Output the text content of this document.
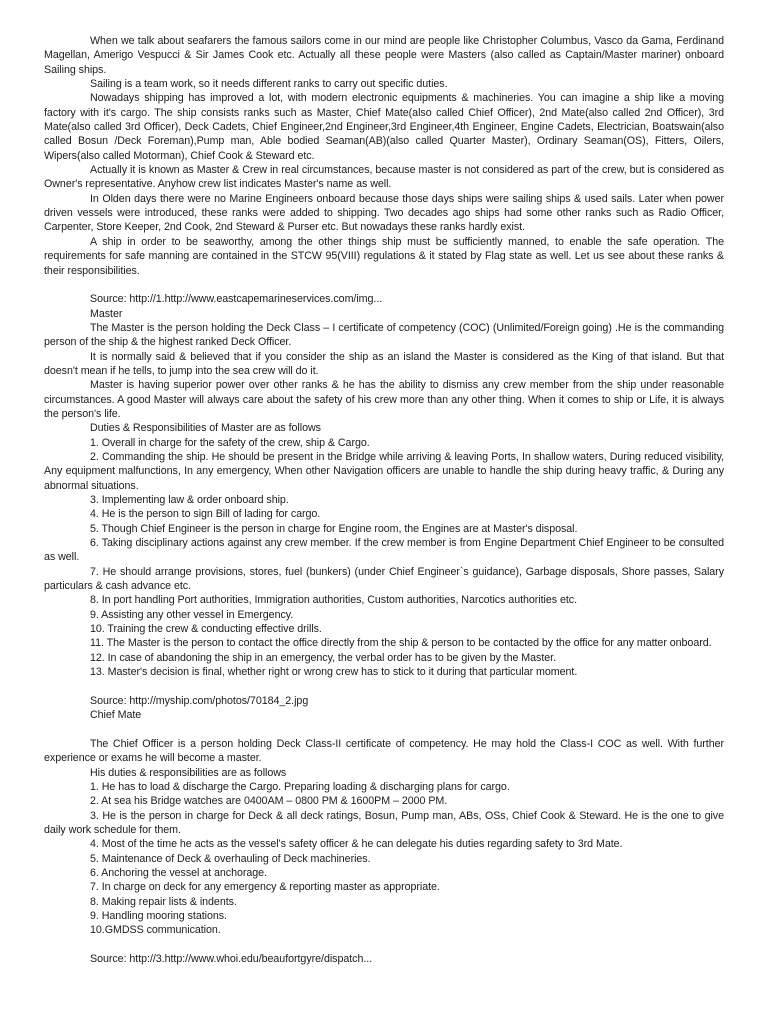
When we talk about seafarers the famous sailors come in our mind are people like Christopher Columbus, Vasco da Gama, Ferdinand Magellan, Amerigo Vespucci & Sir James Cook etc. Actually all these people were Masters (also called as Captain/Master mariner) onboard Sailing ships.

Sailing is a team work, so it needs different ranks to carry out specific duties.

Nowadays shipping has improved a lot, with modern electronic equipments & machineries. You can imagine a ship like a moving factory with it's cargo. The ship consists ranks such as Master, Chief Mate(also called Chief Officer), 2nd Mate(also called 2nd Officer), 3rd Mate(also called 3rd Officer), Deck Cadets, Chief Engineer,2nd Engineer,3rd Engineer,4th Engineer, Engine Cadets, Electrician, Boatswain(also called Bosun /Deck Foreman),Pump man, Able bodied Seaman(AB)(also called Quarter Master), Ordinary Seaman(OS), Fitters, Oilers, Wipers(also called Motorman), Chief Cook & Steward etc.

Actually it is known as Master & Crew in real circumstances, because master is not considered as part of the crew, but is considered as Owner's representative. Anyhow crew list indicates Master's name as well.

In Olden days there were no Marine Engineers onboard because those days ships were sailing ships & used sails. Later when power driven vessels were introduced, these ranks were added to shipping. Two decades ago ships had some other ranks such as Radio Officer, Carpenter, Store Keeper, 2nd Cook, 2nd Steward & Purser etc. But nowadays these ranks hardly exist.

A ship in order to be seaworthy, among the other things ship must be sufficiently manned, to enable the safe operation. The requirements for safe manning are contained in the STCW 95(VIII) regulations & it stated by Flag state as well. Let us see about these ranks & their responsibilities.

Source: http://1.http://www.eastcapemarineservices.com/img...

Master

The Master is the person holding the Deck Class – I certificate of competency (COC) (Unlimited/Foreign going) .He is the commanding person of the ship & the highest ranked Deck Officer.

It is normally said & believed that if you consider the ship as an island the Master is considered as the King of that island. But that doesn't mean if he tells, to jump into the sea crew will do it.

Master is having superior power over other ranks & he has the ability to dismiss any crew member from the ship under reasonable circumstances. A good Master will always care about the safety of his crew more than any other thing. When it comes to ship or Life, it is always the person's life.

Duties & Responsibilities of Master are as follows

1. Overall in charge for the safety of the crew, ship & Cargo.

2. Commanding the ship. He should be present in the Bridge while arriving & leaving Ports, In shallow waters, During reduced visibility, Any equipment malfunctions, In any emergency, When other Navigation officers are unable to handle the ship during heavy traffic, & During any abnormal situations.

3. Implementing law & order onboard ship.

4. He is the person to sign Bill of lading for cargo.

5. Though Chief Engineer is the person in charge for Engine room, the Engines are at Master's disposal.

6. Taking disciplinary actions against any crew member. If the crew member is from Engine Department Chief Engineer to be consulted as well.

7. He should arrange provisions, stores, fuel (bunkers) (under Chief Engineer`s guidance), Garbage disposals, Shore passes, Salary particulars & cash advance etc.

8. In port handling Port authorities, Immigration authorities, Custom authorities, Narcotics authorities etc.

9. Assisting any other vessel in Emergency.

10. Training the crew & conducting effective drills.

11. The Master is the person to contact the office directly from the ship & person to be contacted by the office for any matter onboard.

12. In case of abandoning the ship in an emergency, the verbal order has to be given by the Master.

13. Master's decision is final, whether right or wrong crew has to stick to it during that particular moment.

Source: http://myship.com/photos/70184_2.jpg

Chief Mate

The Chief Officer is a person holding Deck Class-II certificate of competency. He may hold the Class-I COC as well. With further experience or exams he will become a master.

His duties & responsibilities are as follows

1. He has to load & discharge the Cargo. Preparing loading & discharging plans for cargo.

2. At sea his Bridge watches are 0400AM – 0800 PM & 1600PM – 2000 PM.

3. He is the person in charge for Deck & all deck ratings, Bosun, Pump man, ABs, OSs, Chief Cook & Steward. He is the one to give daily work schedule for them.

4. Most of the time he acts as the vessel's safety officer & he can delegate his duties regarding safety to 3rd Mate.

5. Maintenance of Deck & overhauling of Deck machineries.

6. Anchoring the vessel at anchorage.

7. In charge on deck for any emergency & reporting master as appropriate.

8. Making repair lists & indents.

9. Handling mooring stations.

10.GMDSS communication.

Source: http://3.http://www.whoi.edu/beaufortgyre/dispatch...
